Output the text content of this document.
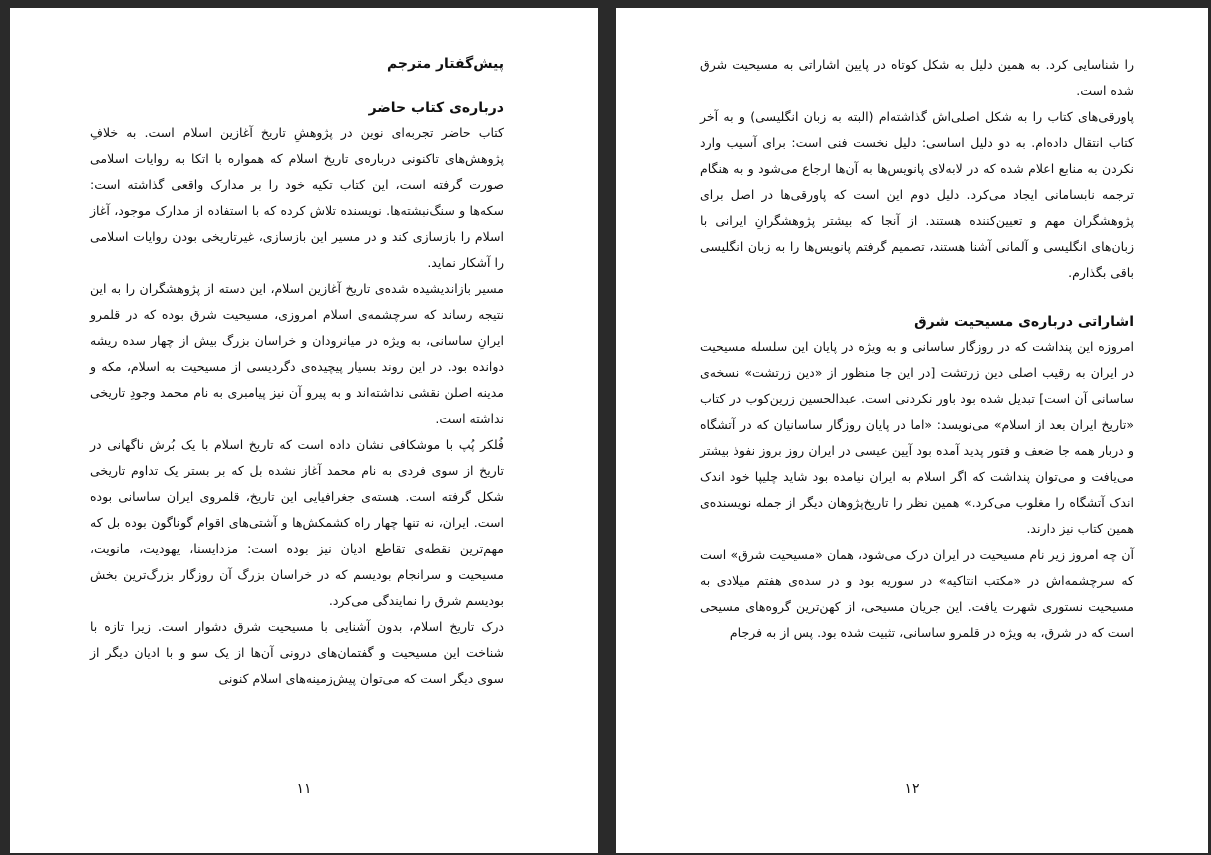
پیش‌گفتار مترجم
درباره‌ی کتاب حاضر

کتاب حاضر تجربه‌ای نوین در پژوهشِ تاریخ آغازین اسلام است. به خلافِ پژوهش‌های تاکنونی درباره‌ی تاریخ اسلام که همواره با اتکا به روایات اسلامی صورت گرفته است، این کتاب تکیه خود را بر مدارک واقعی گذاشته است: سکه‌ها و سنگ‌نبشته‌ها. نویسنده تلاش کرده که با استفاده از مدارک موجود، آغاز اسلام را بازسازی کند و در مسیر این بازسازی، غیرتاریخی بودن روایات اسلامی را آشکار نماید.

مسیر بازاندیشیده شده‌ی تاریخ آغازین اسلام، این دسته از پژوهشگران را به این نتیجه رساند که سرچشمه‌ی اسلام امروزی، مسیحیت شرق بوده که در قلمرو ایرانِ ساسانی، به ویژه در میانرودان و خراسان بزرگ بیش از چهار سده ریشه دوانده بود. در این روند بسیار پیچیده‌ی دگردیسی از مسیحیت به اسلام، مکه و مدینه اصلن نقشی نداشته‌اند و به پیرو آن نیز پیامبری به نام محمد وجودِ تاریخی نداشته است.

فُلکر پُپ با موشکافی نشان داده است که تاریخ اسلام با یک بُرش ناگهانی در تاریخ از سوی فردی به نام محمد آغاز نشده بل که بر بستر یک تداوم تاریخی شکل گرفته است. هسته‌ی جغرافیایی این تاریخ، قلمروی ایران ساسانی بوده است. ایران، نه تنها چهار راه کشمکش‌ها و آشتی‌های اقوام گوناگون بوده بل که مهم‌ترین نقطه‌ی تقاطع ادیان نیز بوده است: مزدایسنا، یهودیت، مانویت، مسیحیت و سرانجام بودیسم که در خراسان بزرگ آن روزگار بزرگ‌ترین بخش بودیسم شرق را نمایندگی می‌کرد.

درک تاریخ اسلام، بدون آشنایی با مسیحیت شرق دشوار است. زیرا تازه با شناخت این مسیحیت و گفتمان‌های درونی آن‌ها از یک سو و با ادیان دیگر از سوی دیگر است که می‌توان پیش‌زمینه‌های اسلام کنونی

۱۱

را شناسایی کرد. به همین دلیل به شکل کوتاه در پایین اشاراتی به مسیحیت شرق شده است.

پاورقی‌های کتاب را به شکل اصلی‌اش گذاشته‌ام (البته به زبان انگلیسی) و به آخر کتاب انتقال داده‌ام. به دو دلیل اساسی: دلیل نخست فنی است: برای آسیب وارد نکردن به منابع اعلام شده که در لابه‌لای پانویس‌ها به آن‌ها ارجاع می‌شود و به هنگام ترجمه نابسامانی ایجاد می‌کرد. دلیل دوم این است که پاورقی‌ها در اصل برای پژوهشگران مهم و تعیین‌کننده هستند. از آنجا که بیشتر پژوهشگرانِ ایرانی با زبان‌های انگلیسی و آلمانی آشنا هستند، تصمیم گرفتم پانویس‌ها را به زبان انگلیسی باقی بگذارم.

اشاراتی درباره‌ی مسیحیت شرق

امروزه این پنداشت که در روزگار ساسانی و به ویژه در پایان این سلسله مسیحیت در ایران به رقیب اصلی دین زرتشت [در این جا منظور از «دین زرتشت» نسخه‌ی ساسانی آن است] تبدیل شده بود باور نکردنی است. عبدالحسین زرین‌کوب در کتاب «تاریخ ایران بعد از اسلام» می‌نویسد: «اما در پایان روزگار ساسانیان که در آتشگاه و دربار همه جا ضعف و فتور پدید آمده بود آیین عیسی در ایران روز بروز نفوذ بیشتر می‌یافت و می‌توان پنداشت که اگر اسلام به ایران نیامده بود شاید چلیپا خود اندک اندک آتشگاه را مغلوب می‌کرد.» همین نظر را تاریخ‌پژوهان دیگر از جمله نویسنده‌ی همین کتاب نیز دارند.

آن چه امروز زیر نام مسیحیت در ایران درک می‌شود، همان «مسیحیت شرق» است که سرچشمه‌اش در «مکتب انتاکیه» در سوریه بود و در سده‌ی هفتم میلادی به مسیحیت نستوری شهرت یافت. این جریان مسیحی، از کهن‌ترین گروه‌های مسیحی است که در شرق، به ویژه در قلمرو ساسانی، تثبیت شده بود. پس از به فرجام

۱۲
